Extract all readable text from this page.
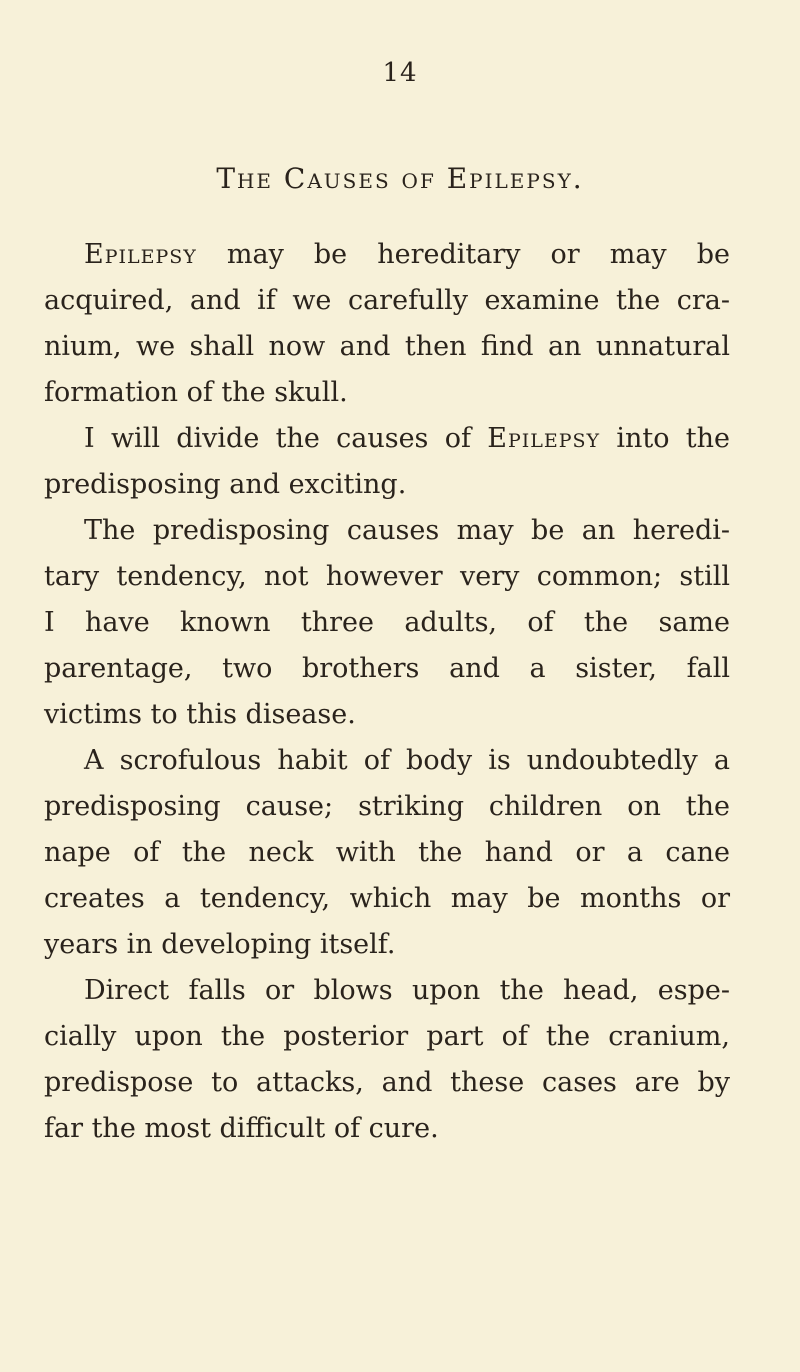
14
The Causes of Epilepsy.
Epilepsy may be hereditary or may be
acquired, and if we carefully examine the cra-
nium, we shall now and then find an unnatural
formation of the skull.
I will divide the causes of Epilepsy into the
predisposing and exciting.
The predisposing causes may be an heredi-
tary tendency, not however very common; still
I have known three adults, of the same
parentage, two brothers and a sister, fall
victims to this disease.
A scrofulous habit of body is undoubtedly a
predisposing cause; striking children on the
nape of the neck with the hand or a cane
creates a tendency, which may be months or
years in developing itself.
Direct falls or blows upon the head, espe-
cially upon the posterior part of the cranium,
predispose to attacks, and these cases are by
far the most difficult of cure.
